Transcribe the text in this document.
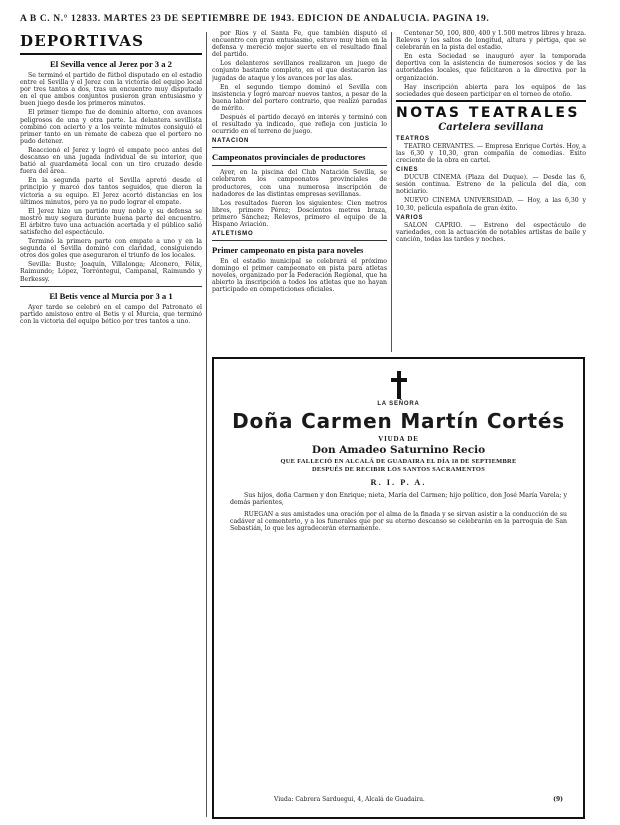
A B C. N.° 12833. MARTES 23 DE SEPTIEMBRE DE 1943. EDICION DE ANDALUCIA. PAGINA 19.
DEPORTIVAS
El Sevilla vence al Jerez por 3 a 2

Se terminó el partido de fútbol disputado en el estadio entre el Sevilla y el Jerez con la victoria del equipo local por tres tantos a dos, tras un encuentro muy disputado en el que ambos conjuntos pusieron gran entusiasmo y buen juego desde los primeros minutos.

El primer tiempo fue de dominio alterno, con avances peligrosos de una y otra parte. La delantera sevillista combinó con acierto y a los veinte minutos consiguió el primer tanto en un remate de cabeza que el portero no pudo detener.

Reaccionó el Jerez y logró el empate poco antes del descanso en una jugada individual de su interior, que batió al guardameta local con un tiro cruzado desde fuera del área.

En la segunda parte el Sevilla apretó desde el principio y marcó dos tantos seguidos, que dieron la victoria a su equipo. El Jerez acortó distancias en los últimos minutos, pero ya no pudo lograr el empate.

El Jerez hizo un partido muy noble y su defensa se mostró muy segura durante buena parte del encuentro. El árbitro tuvo una actuación acertada y el público salió satisfecho del espectáculo.

Terminó la primera parte con empate a uno y en la segunda el Sevilla dominó con claridad, consiguiendo otros dos goles que aseguraron el triunfo de los locales.

Sevilla: Busto; Joaquín, Villalonga; Alconero, Félix, Raimundo; López, Torróntegui, Campanal, Raimundo y Berkessy.

El Betis vence al Murcia por 3 a 1

Ayer tarde se celebró en el campo del Patronato el partido amistoso entre el Betis y el Murcia, que terminó con la victoria del equipo bético por tres tantos a uno.

por Ríos y el Santa Fe, que también disputó el encuentro con gran entusiasmo, estuvo muy bien en la defensa y mereció mejor suerte en el resultado final del partido.

Los delanteros sevillanos realizaron un juego de conjunto bastante completo, en el que destacaron las jugadas de ataque y los avances por las alas.

En el segundo tiempo dominó el Sevilla con insistencia y logró marcar nuevos tantos, a pesar de la buena labor del portero contrario, que realizó paradas de mérito.

Después el partido decayó en interés y terminó con el resultado ya indicado, que refleja con justicia lo ocurrido en el terreno de juego.

NATACION
Campeonatos provinciales de productores

Ayer, en la piscina del Club Natación Sevilla, se celebraron los campeonatos provinciales de productores, con una numerosa inscripción de nadadores de las distintas empresas sevillanas.

Los resultados fueron los siguientes: Cien metros libres, primero Pérez; Doscientos metros braza, primero Sánchez; Relevos, primero el equipo de la Hispano Aviación.

ATLETISMO
Primer campeonato en pista para noveles

En el estadio municipal se celebrará el próximo domingo el primer campeonato en pista para atletas noveles, organizado por la Federación Regional, que ha abierto la inscripción a todos los atletas que no hayan participado en competiciones oficiales.

Centenar 50, 100, 800, 400 y 1.500 metros libres y braza. Relevos y los saltos de longitud, altura y pértiga, que se celebrarán en la pista del estadio.

En esta Sociedad se inauguró ayer la temporada deportiva con la asistencia de numerosos socios y de las autoridades locales, que felicitaron a la directiva por la organización.

Hay inscripción abierta para los equipos de las sociedades que deseen participar en el torneo de otoño.

NOTAS TEATRALES
Cartelera sevillana
TEATROS

TEATRO CERVANTES. — Empresa Enrique Cortés. Hoy, a las 6,30 y 10,30, gran compañía de comedias. Éxito creciente de la obra en cartel.

CINES

DUCUB CINEMA (Plaza del Duque). — Desde las 6, sesión continua. Estreno de la película del día, con noticiario.

NUEVO CINEMA UNIVERSIDAD. — Hoy, a las 6,30 y 10,30, película española de gran éxito.

VARIOS

SALON CAPRIO. — Estreno del espectáculo de variedades, con la actuación de notables artistas de baile y canción, todas las tardes y noches.

LA SEÑORA
Doña Carmen Martín Cortés
VIUDA DE
Don Amadeo Saturnino Recio

QUE FALLECIÓ EN ALCALÁ DE GUADAIRA EL DÍA 18 DE SEPTIEMBRE

DESPUÉS DE RECIBIR LOS SANTOS SACRAMENTOS

R. I. P. A.

Sus hijos, doña Carmen y don Enrique; nieta, María del Carmen; hijo político, don José María Varela; y demás parientes,

RUEGAN a sus amistades una oración por el alma de la finada y se sirvan asistir a la conducción de su cadáver al cementerio, y a los funerales que por su eterno descanso se celebrarán en la parroquia de San Sebastián, lo que les agradecerán eternamente.

Viuda: Cabrera Sarduegui, 4, Alcalá de Guadaira.	(9)
